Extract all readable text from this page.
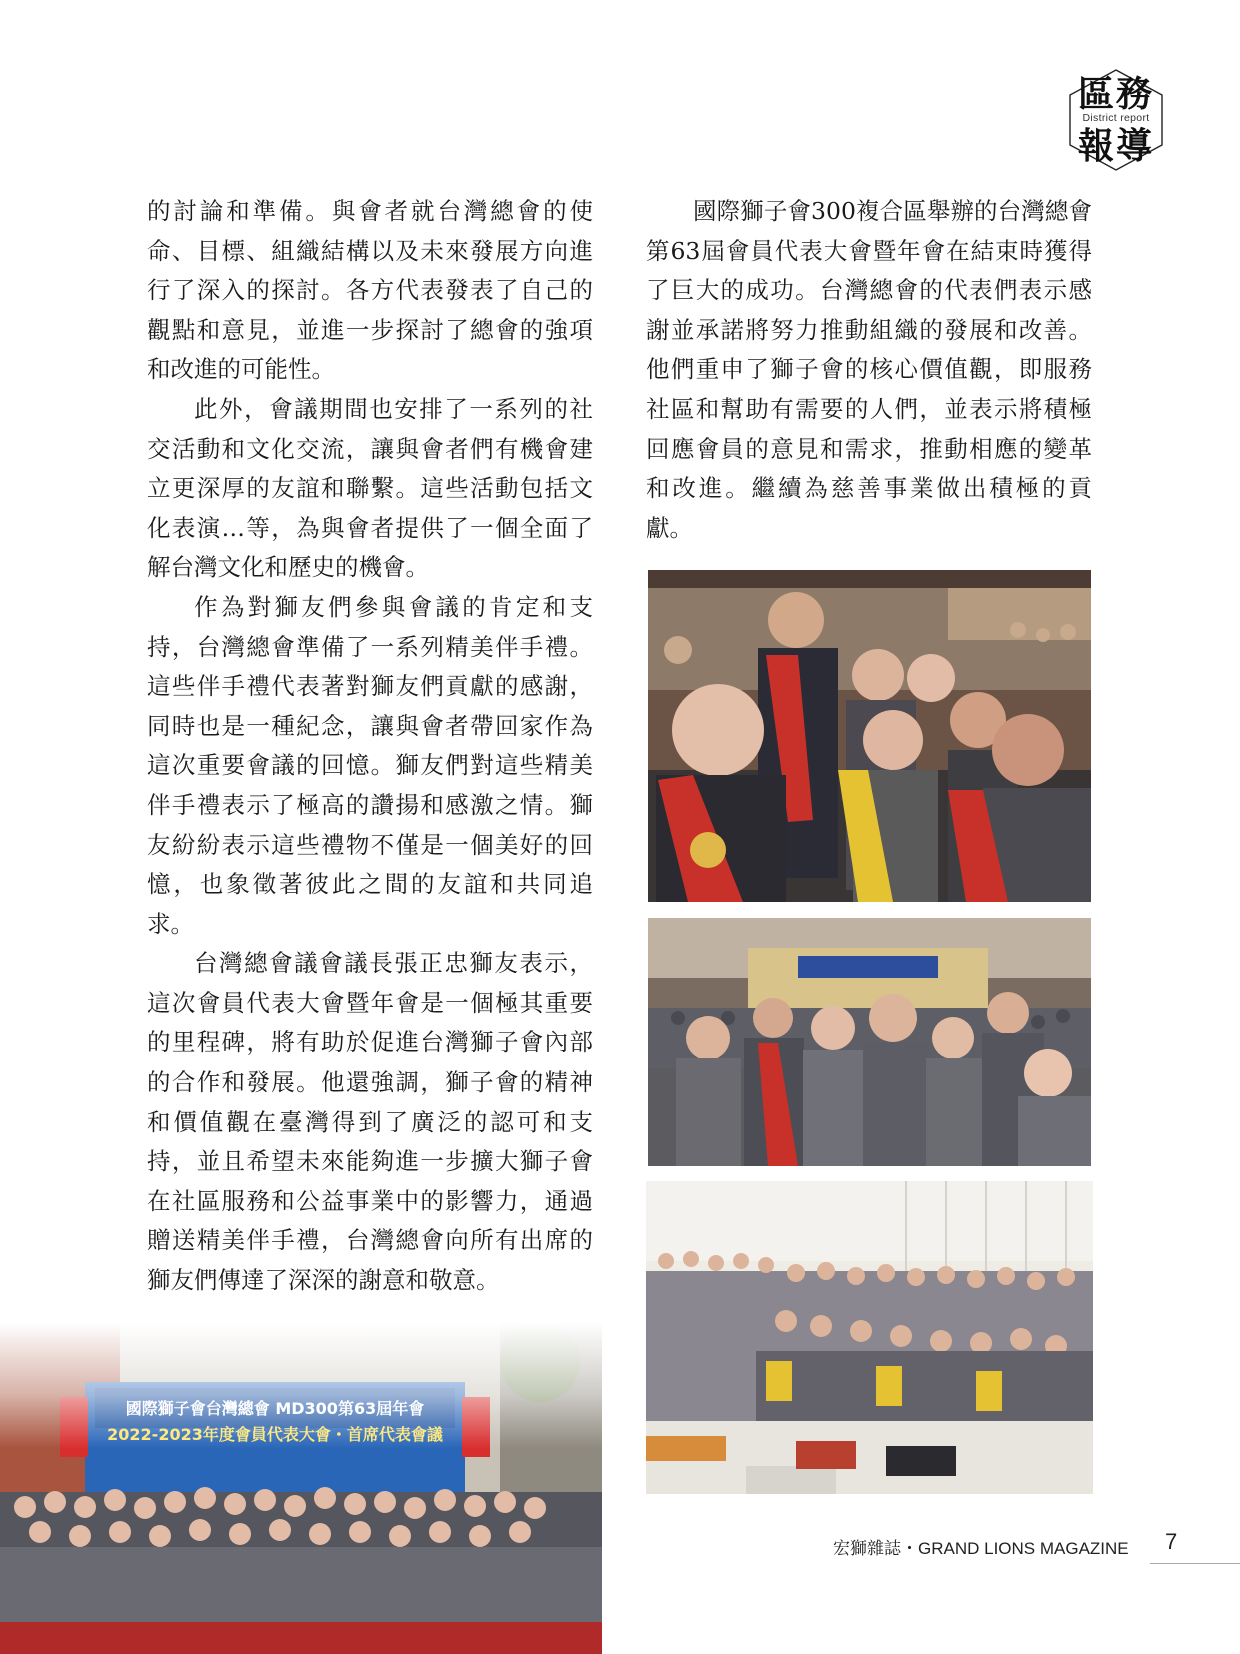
區務
District report
報導

的討論和準備。與會者就台灣總會的使命、目標、組織結構以及未來發展方向進行了深入的探討。各方代表發表了自己的觀點和意見，並進一步探討了總會的強項和改進的可能性。

此外，會議期間也安排了一系列的社交活動和文化交流，讓與會者們有機會建立更深厚的友誼和聯繫。這些活動包括文化表演…等，為與會者提供了一個全面了解台灣文化和歷史的機會。

作為對獅友們參與會議的肯定和支持，台灣總會準備了一系列精美伴手禮。這些伴手禮代表著對獅友們貢獻的感謝，同時也是一種紀念，讓與會者帶回家作為這次重要會議的回憶。獅友們對這些精美伴手禮表示了極高的讚揚和感激之情。獅友紛紛表示這些禮物不僅是一個美好的回憶，也象徵著彼此之間的友誼和共同追求。

台灣總會議會議長張正忠獅友表示，這次會員代表大會暨年會是一個極其重要的里程碑，將有助於促進台灣獅子會內部的合作和發展。他還強調，獅子會的精神和價值觀在臺灣得到了廣泛的認可和支持，並且希望未來能夠進一步擴大獅子會在社區服務和公益事業中的影響力，通過贈送精美伴手禮，台灣總會向所有出席的獅友們傳達了深深的謝意和敬意。

國際獅子會300複合區舉辦的台灣總會第63屆會員代表大會暨年會在結束時獲得了巨大的成功。台灣總會的代表們表示感謝並承諾將努力推動組織的發展和改善。他們重申了獅子會的核心價值觀，即服務社區和幫助有需要的人們，並表示將積極回應會員的意見和需求，推動相應的變革和改進。繼續為慈善事業做出積極的貢獻。

宏獅雜誌・GRAND LIONS MAGAZINE 7
